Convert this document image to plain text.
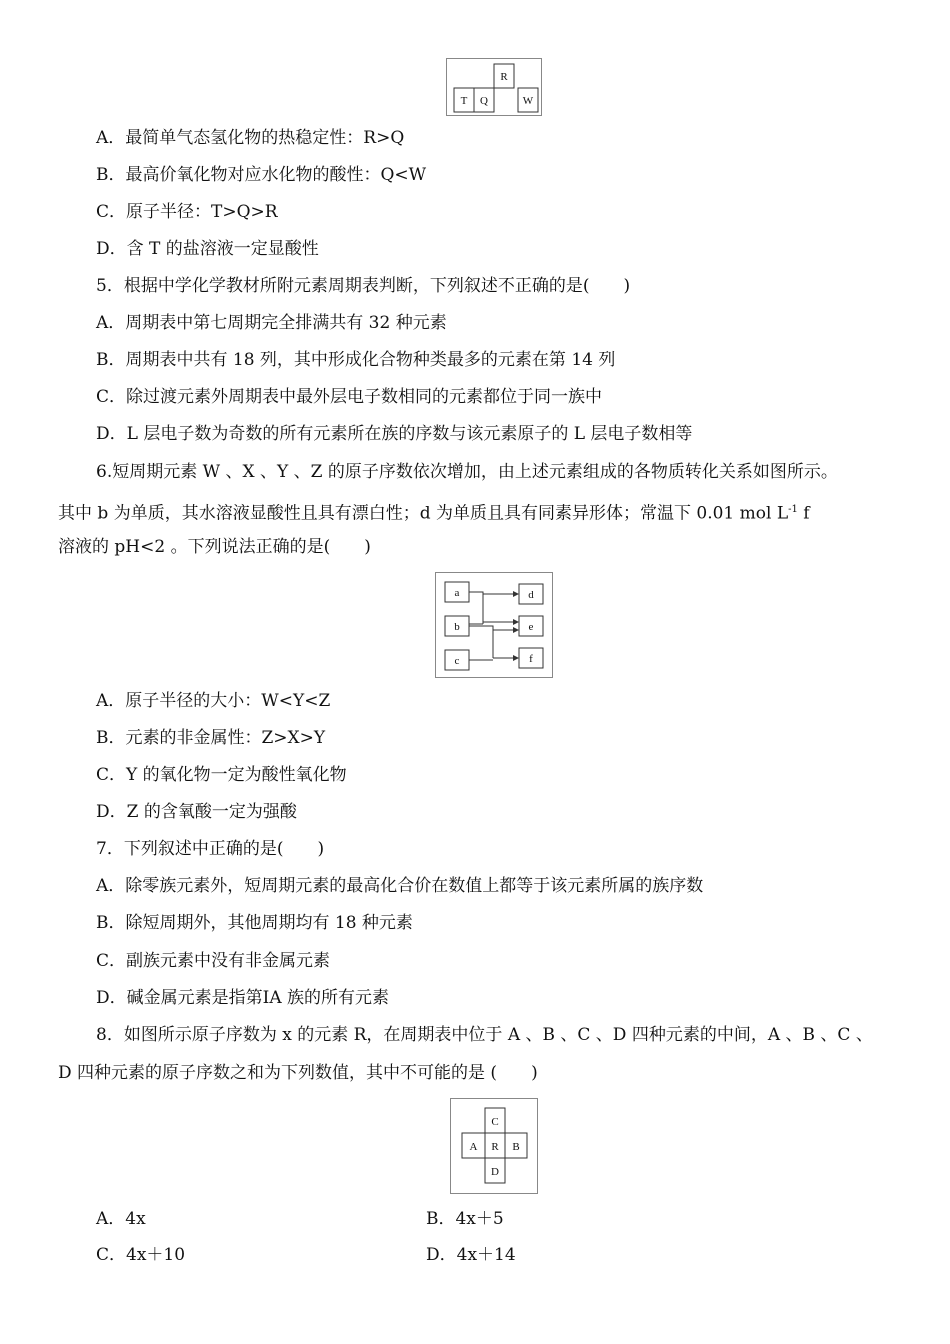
R
T Q	W
A．最简单气态氢化物的热稳定性：R>Q
B．最高价氧化物对应水化物的酸性：Q<W
C．原子半径：T>Q>R
D．含 T 的盐溶液一定显酸性
5．根据中学化学教材所附元素周期表判断，下列叙述不正确的是(　　)
A．周期表中第七周期完全排满共有 32 种元素
B．周期表中共有 18 列，其中形成化合物种类最多的元素在第 14 列
C．除过渡元素外周期表中最外层电子数相同的元素都位于同一族中
D．L 层电子数为奇数的所有元素所在族的序数与该元素原子的 L 层电子数相等
6.短周期元素 W 、X 、Y 、Z 的原子序数依次增加，由上述元素组成的各物质转化关系如图所示。
其中 b 为单质，其水溶液显酸性且具有漂白性；d 为单质且具有同素异形体；常温下 0.01 mol $L^{-1}$ f
溶液的 pH<2 。下列说法正确的是(　　)
a
b
c
d
e
f
A．原子半径的大小：W<Y<Z
B．元素的非金属性：Z>X>Y
C．Y 的氧化物一定为酸性氧化物
D．Z 的含氧酸一定为强酸
7．下列叙述中正确的是(　　)
A．除零族元素外，短周期元素的最高化合价在数值上都等于该元素所属的族序数
B．除短周期外，其他周期均有 18 种元素
C．副族元素中没有非金属元素
D．碱金属元素是指第ⅠA 族的所有元素
8．如图所示原子序数为 x 的元素 R，在周期表中位于 A 、B 、C 、D 四种元素的中间，A 、B 、C 、
D 四种元素的原子序数之和为下列数值，其中不可能的是 (　　)
C
A R B
D
A．4x	B．4x＋5
C．4x＋10	D．4x＋14
